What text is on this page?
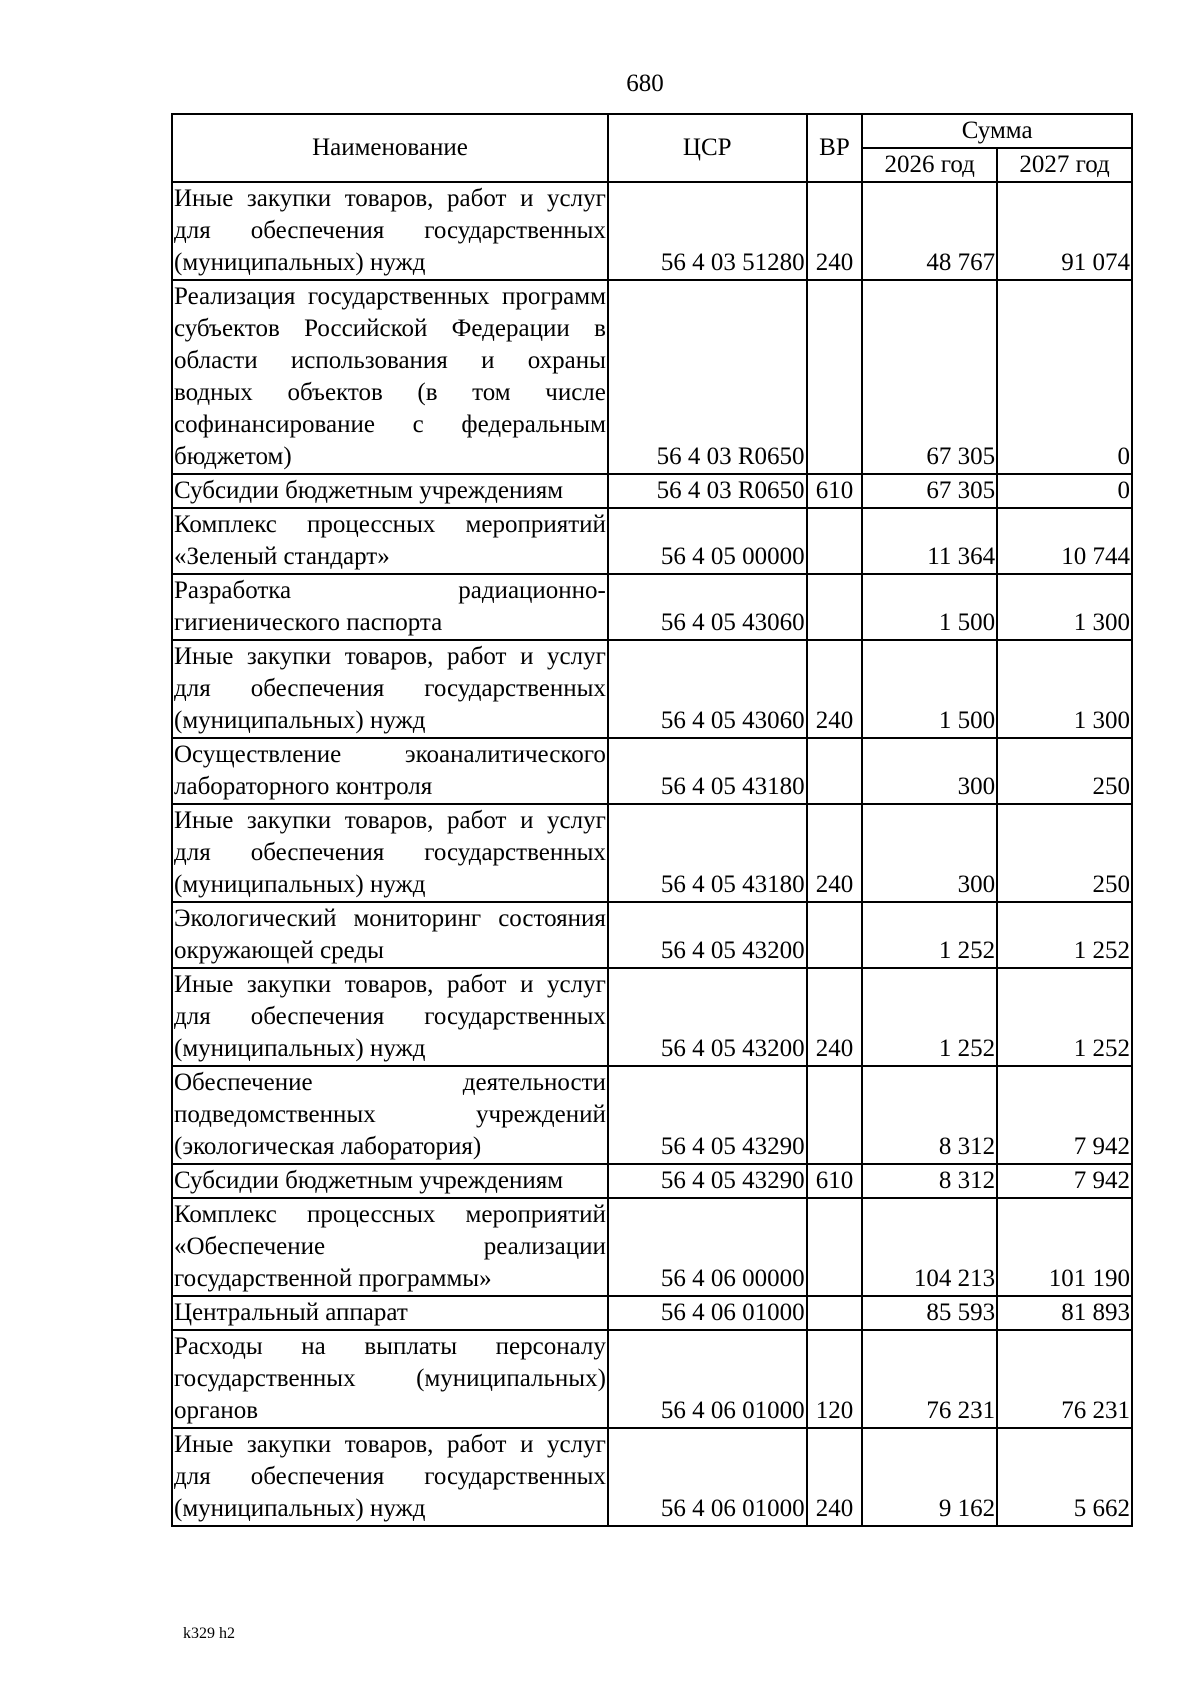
680
Наименование	ЦСР	ВР	Сумма	
			2026 год	2027 год
Иные закупки товаров, работ и услуг для обеспечения государственных (муниципальных) нужд	56 4 03 51280	240	48 767	91 074
Реализация государственных программ субъектов Российской Федерации в области использования и охраны водных объектов (в том числе софинансирование с федеральным бюджетом)	56 4 03 R0650		67 305	0
Субсидии бюджетным учреждениям	56 4 03 R0650	610	67 305	0
Комплекс процессных мероприятий «Зеленый стандарт»	56 4 05 00000		11 364	10 744
Разработка радиационно-гигиенического паспорта	56 4 05 43060		1 500	1 300
Иные закупки товаров, работ и услуг для обеспечения государственных (муниципальных) нужд	56 4 05 43060	240	1 500	1 300
Осуществление экоаналитического лабораторного контроля	56 4 05 43180		300	250
Иные закупки товаров, работ и услуг для обеспечения государственных (муниципальных) нужд	56 4 05 43180	240	300	250
Экологический мониторинг состояния окружающей среды	56 4 05 43200		1 252	1 252
Иные закупки товаров, работ и услуг для обеспечения государственных (муниципальных) нужд	56 4 05 43200	240	1 252	1 252
Обеспечение деятельности подведомственных учреждений (экологическая лаборатория)	56 4 05 43290		8 312	7 942
Субсидии бюджетным учреждениям	56 4 05 43290	610	8 312	7 942
Комплекс процессных мероприятий «Обеспечение реализации государственной программы»	56 4 06 00000		104 213	101 190
Центральный аппарат	56 4 06 01000		85 593	81 893
Расходы на выплаты персоналу государственных (муниципальных) органов	56 4 06 01000	120	76 231	76 231
Иные закупки товаров, работ и услуг для обеспечения государственных (муниципальных) нужд	56 4 06 01000	240	9 162	5 662
k329 h2
